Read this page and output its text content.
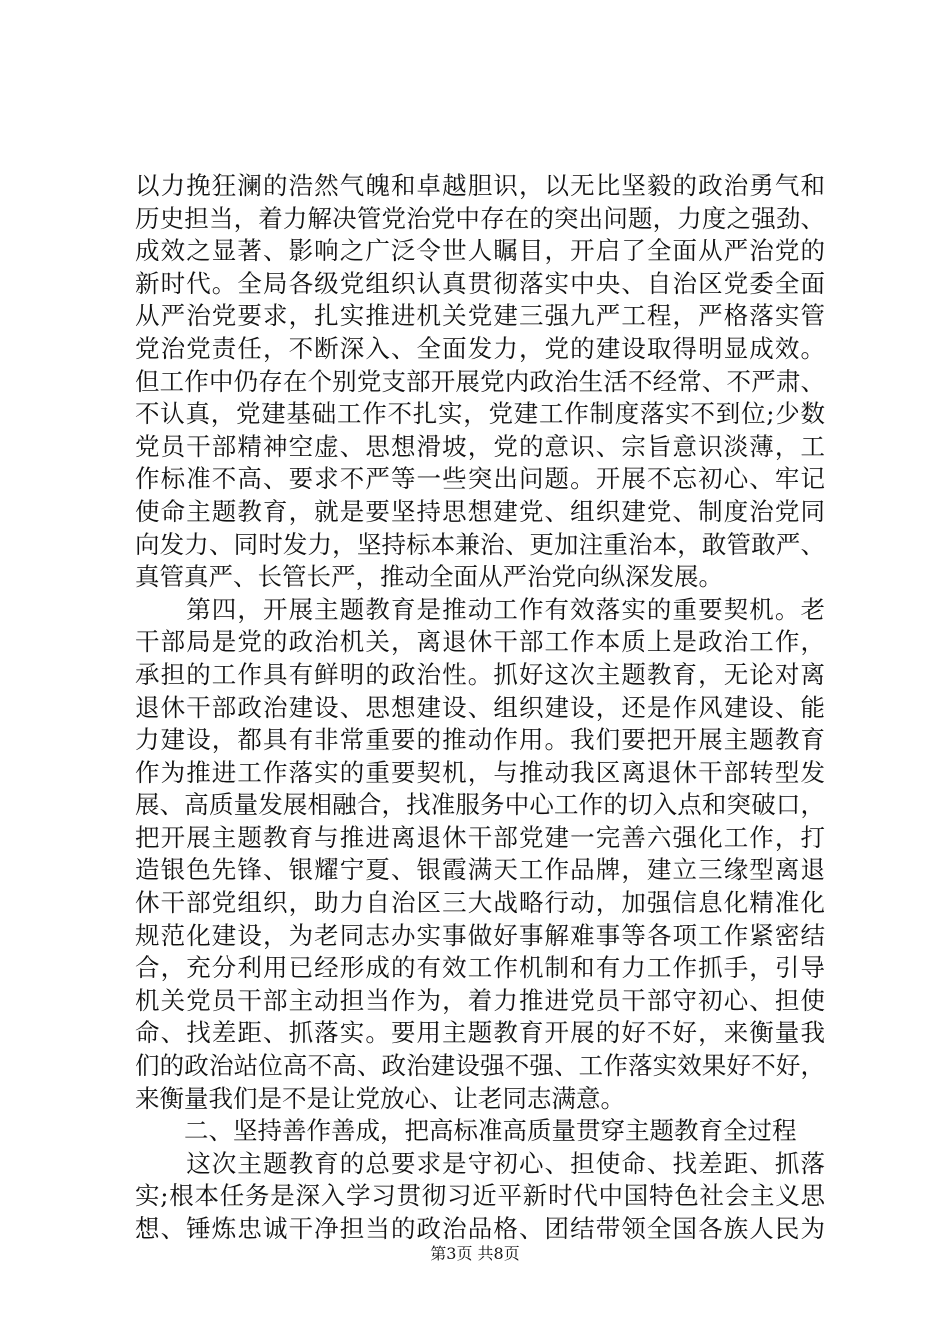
以力挽狂澜的浩然气魄和卓越胆识，以无比坚毅的政治勇气和
历史担当，着力解决管党治党中存在的突出问题，力度之强劲、
成效之显著、影响之广泛令世人瞩目，开启了全面从严治党的
新时代。全局各级党组织认真贯彻落实中央、自治区党委全面
从严治党要求，扎实推进机关党建三强九严工程，严格落实管
党治党责任，不断深入、全面发力，党的建设取得明显成效。
但工作中仍存在个别党支部开展党内政治生活不经常、不严肃、
不认真，党建基础工作不扎实，党建工作制度落实不到位;少数
党员干部精神空虚、思想滑坡，党的意识、宗旨意识淡薄，工
作标准不高、要求不严等一些突出问题。开展不忘初心、牢记
使命主题教育，就是要坚持思想建党、组织建党、制度治党同
向发力、同时发力，坚持标本兼治、更加注重治本，敢管敢严、
真管真严、长管长严，推动全面从严治党向纵深发展。
　　第四，开展主题教育是推动工作有效落实的重要契机。老
干部局是党的政治机关，离退休干部工作本质上是政治工作，
承担的工作具有鲜明的政治性。抓好这次主题教育，无论对离
退休干部政治建设、思想建设、组织建设，还是作风建设、能
力建设，都具有非常重要的推动作用。我们要把开展主题教育
作为推进工作落实的重要契机，与推动我区离退休干部转型发
展、高质量发展相融合，找准服务中心工作的切入点和突破口，
把开展主题教育与推进离退休干部党建一完善六强化工作，打
造银色先锋、银耀宁夏、银霞满天工作品牌，建立三缘型离退
休干部党组织，助力自治区三大战略行动，加强信息化精准化
规范化建设，为老同志办实事做好事解难事等各项工作紧密结
合，充分利用已经形成的有效工作机制和有力工作抓手，引导
机关党员干部主动担当作为，着力推进党员干部守初心、担使
命、找差距、抓落实。要用主题教育开展的好不好，来衡量我
们的政治站位高不高、政治建设强不强、工作落实效果好不好，
来衡量我们是不是让党放心、让老同志满意。
　　二、坚持善作善成，把高标准高质量贯穿主题教育全过程
　　这次主题教育的总要求是守初心、担使命、找差距、抓落
实;根本任务是深入学习贯彻习近平新时代中国特色社会主义思
想、锤炼忠诚干净担当的政治品格、团结带领全国各族人民为
第3页 共8页
